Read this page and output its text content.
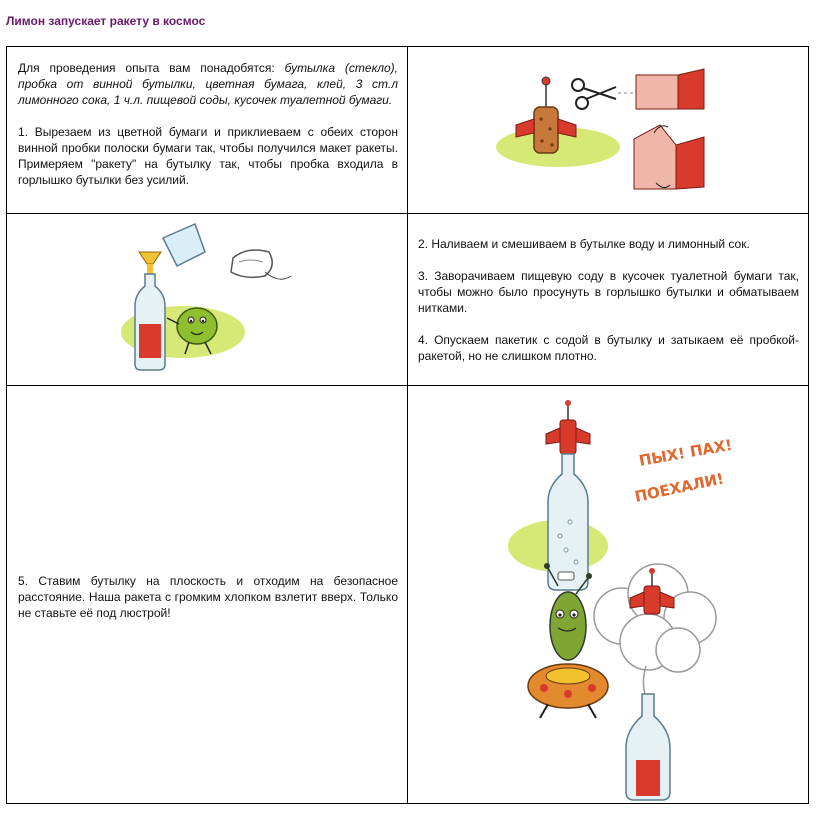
Лимон запускает ракету в космос

Для проведения опыта вам понадобятся: бутылка (стекло), пробка от винной бутылки, цветная бумага, клей, 3 ст.л лимонного сока, 1 ч.л. пищевой соды, кусочек туалетной бумаги.

1. Вырезаем из цветной бумаги и приклиеваем с обеих сторон винной пробки полоски бумаги так, чтобы получился макет ракеты. Примеряем "ракету" на бутылку так, чтобы пробка входила в горлышко бутылки без усилий.

2. Наливаем и смешиваем в бутылке воду и лимонный сок.

3. Заворачиваем пищевую соду в кусочек туалетной бумаги так, чтобы можно было просунуть в горлышко бутылки и обматываем нитками.

4. Опускаем пакетик с содой в бутылку и затыкаем её пробкой-ракетой, но не слишком плотно.

5. Ставим бутылку на плоскость и отходим на безопасное расстояние. Наша ракета с громким хлопком взлетит вверх. Только не ставьте её под люстрой!

ПЫХ! ПАХ!
ПОЕХАЛИ!
